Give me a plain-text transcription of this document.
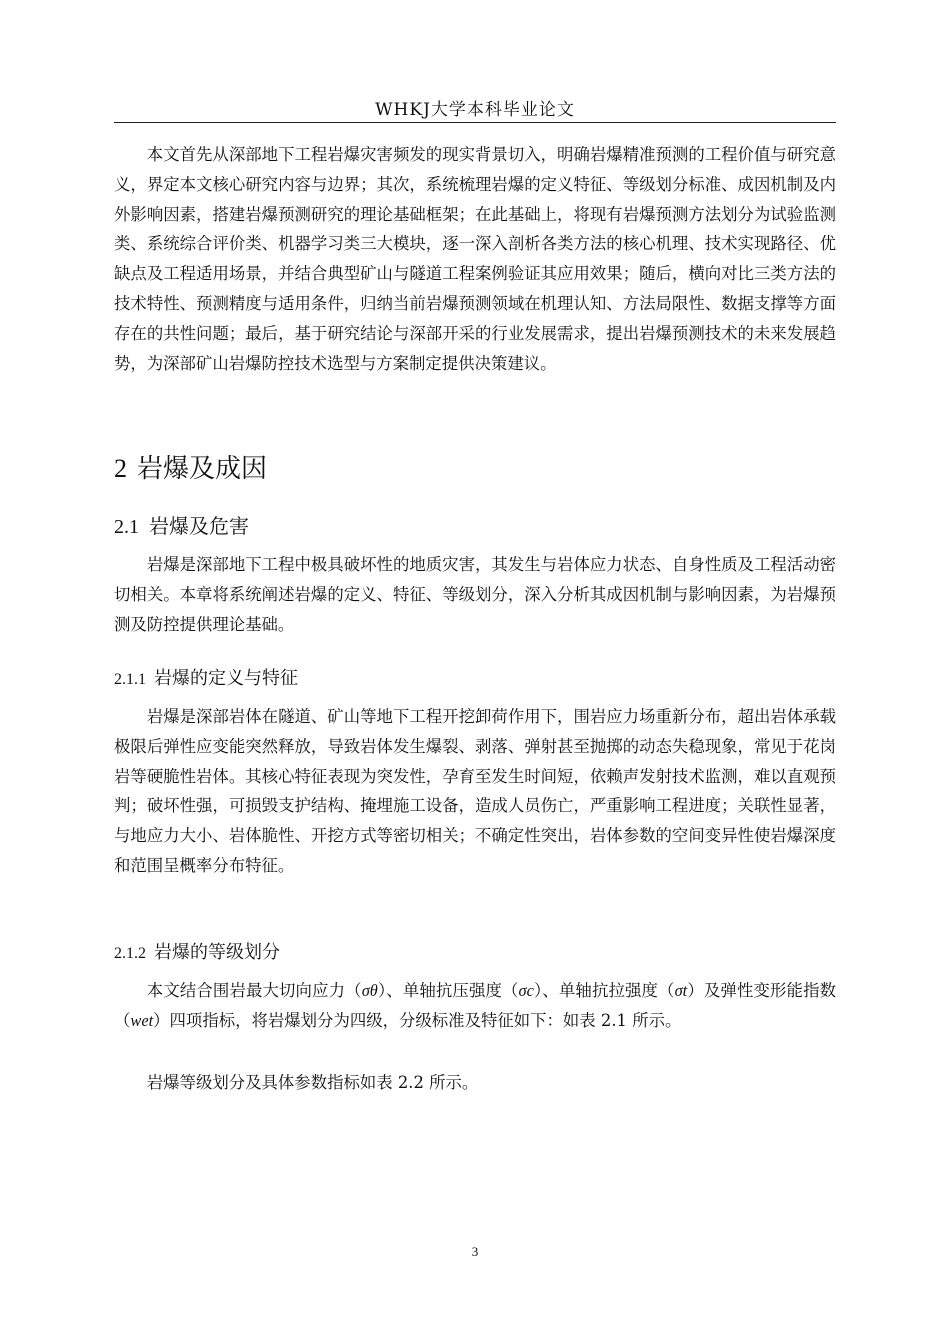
WHKJ大学本科毕业论文

本文首先从深部地下工程岩爆灾害频发的现实背景切入，明确岩爆精准预测的工程价值与研究意义，界定本文核心研究内容与边界；其次，系统梳理岩爆的定义特征、等级划分标准、成因机制及内外影响因素，搭建岩爆预测研究的理论基础框架；在此基础上，将现有岩爆预测方法划分为试验监测类、系统综合评价类、机器学习类三大模块，逐一深入剖析各类方法的核心机理、技术实现路径、优缺点及工程适用场景，并结合典型矿山与隧道工程案例验证其应用效果；随后，横向对比三类方法的技术特性、预测精度与适用条件，归纳当前岩爆预测领域在机理认知、方法局限性、数据支撑等方面存在的共性问题；最后，基于研究结论与深部开采的行业发展需求，提出岩爆预测技术的未来发展趋势，为深部矿山岩爆防控技术选型与方案制定提供决策建议。

2 岩爆及成因
2.1 岩爆及危害

岩爆是深部地下工程中极具破坏性的地质灾害，其发生与岩体应力状态、自身性质及工程活动密切相关。本章将系统阐述岩爆的定义、特征、等级划分，深入分析其成因机制与影响因素，为岩爆预测及防控提供理论基础。

2.1.1 岩爆的定义与特征

岩爆是深部岩体在隧道、矿山等地下工程开挖卸荷作用下，围岩应力场重新分布，超出岩体承载极限后弹性应变能突然释放，导致岩体发生爆裂、剥落、弹射甚至抛掷的动态失稳现象，常见于花岗岩等硬脆性岩体。其核心特征表现为突发性，孕育至发生时间短，依赖声发射技术监测，难以直观预判；破坏性强，可损毁支护结构、掩埋施工设备，造成人员伤亡，严重影响工程进度；关联性显著，与地应力大小、岩体脆性、开挖方式等密切相关；不确定性突出，岩体参数的空间变异性使岩爆深度和范围呈概率分布特征。

2.1.2 岩爆的等级划分

本文结合围岩最大切向应力（σθ）、单轴抗压强度（σc）、单轴抗拉强度（σt）及弹性变形能指数（wet）四项指标，将岩爆划分为四级，分级标准及特征如下：如表 2.1 所示。

岩爆等级划分及具体参数指标如表 2.2 所示。

3
